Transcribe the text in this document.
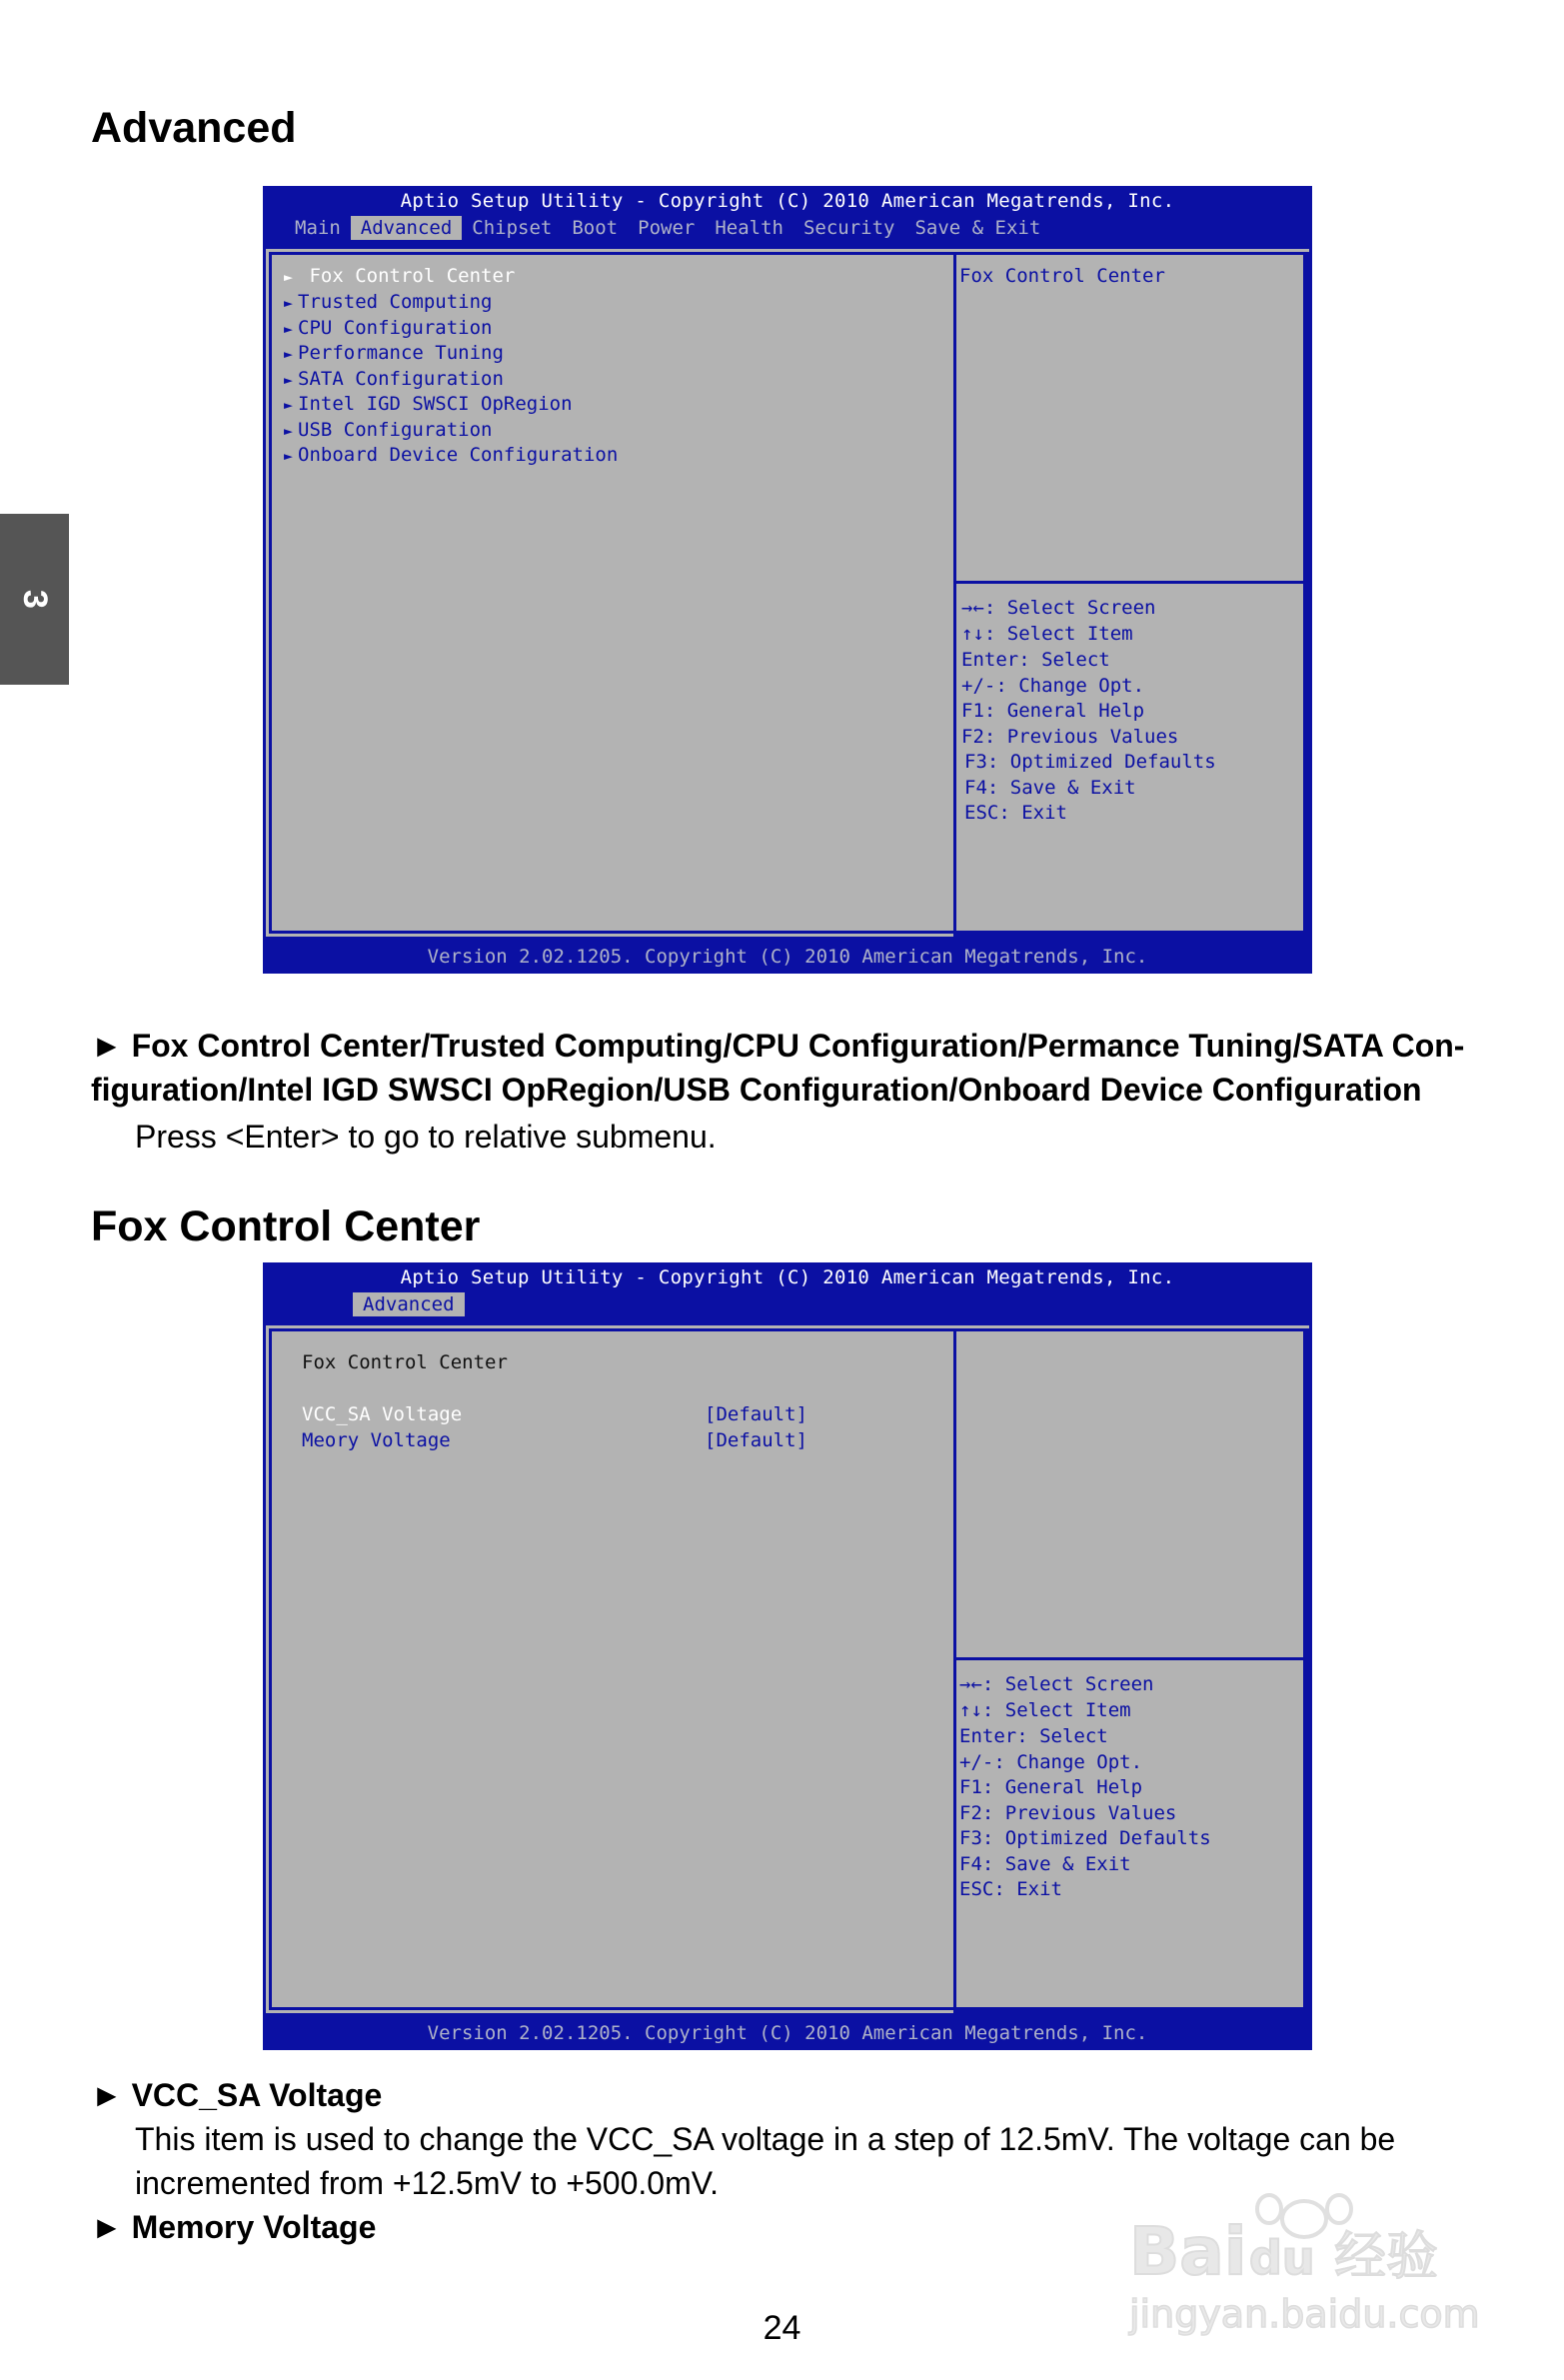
3
Advanced
Aptio Setup Utility - Copyright (C) 2010 American Megatrends, Inc.
Main	Advanced	Chipset	Boot	Power	Health	Security	Save & Exit
► Fox Control Center
► Trusted Computing
► CPU Configuration
► Performance Tuning
► SATA Configuration
► Intel IGD SWSCI OpRegion
► USB Configuration
► Onboard Device Configuration
Fox Control Center
→←: Select Screen
↑↓: Select Item
Enter: Select
+/-: Change Opt.
F1: General Help
F2: Previous Values
F3: Optimized Defaults
F4: Save & Exit
ESC: Exit
Version 2.02.1205. Copyright (C) 2010 American Megatrends, Inc.
► Fox Control Center/Trusted Computing/CPU Configuration/Permance Tuning/SATA Con-
figuration/Intel IGD SWSCI OpRegion/USB Configuration/Onboard Device Configuration
Press <Enter> to go to relative submenu.
Fox Control Center
Aptio Setup Utility - Copyright (C) 2010 American Megatrends, Inc.
Advanced
Fox Control Center
VCC_SA Voltage	[Default]
Meory Voltage	[Default]
→←: Select Screen
↑↓: Select Item
Enter: Select
+/-: Change Opt.
F1: General Help
F2: Previous Values
F3: Optimized Defaults
F4: Save & Exit
ESC: Exit
Version 2.02.1205. Copyright (C) 2010 American Megatrends, Inc.
► VCC_SA Voltage
This item is used to change the VCC_SA voltage in a step of 12.5mV. The voltage can be
incremented from +12.5mV to +500.0mV.
► Memory Voltage
24
Bai du 经验
jingyan.baidu.com
